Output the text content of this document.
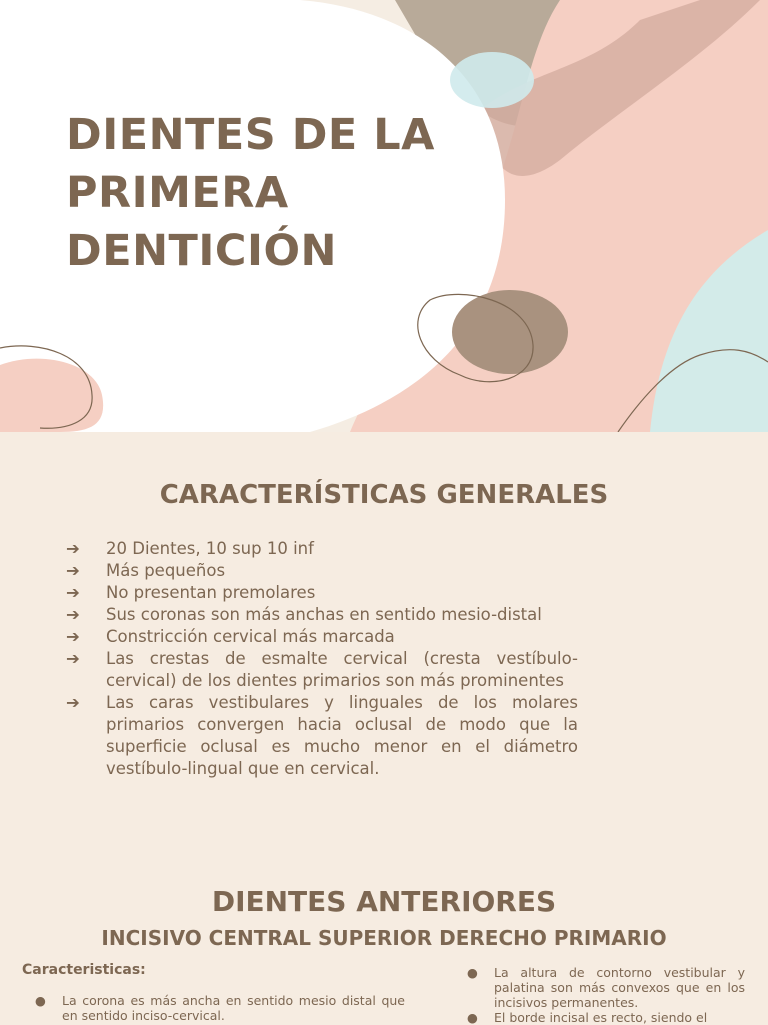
DIENTES DE LA
PRIMERA
DENTICIÓN
CARACTERÍSTICAS GENERALES
➔	20 Dientes, 10 sup 10 inf
➔	Más pequeños
➔	No presentan premolares
➔	Sus coronas son más anchas en sentido mesio-distal
➔	Constricción cervical más marcada
➔	Las crestas de esmalte cervical (cresta vestíbulo-cervical) de los dientes primarios son más prominentes
➔	Las caras vestibulares y linguales de los molares primarios convergen hacia oclusal de modo que la superficie oclusal es mucho menor en el diámetro vestíbulo-lingual que en cervical.
DIENTES ANTERIORES
INCISIVO CENTRAL SUPERIOR DERECHO PRIMARIO

Caracteristicas:

● La corona es más ancha en sentido mesio distal que en sentido inciso-cervical.
● La altura de contorno vestibular y palatina son más convexos que en los incisivos permanentes.
● El borde incisal es recto, siendo el
